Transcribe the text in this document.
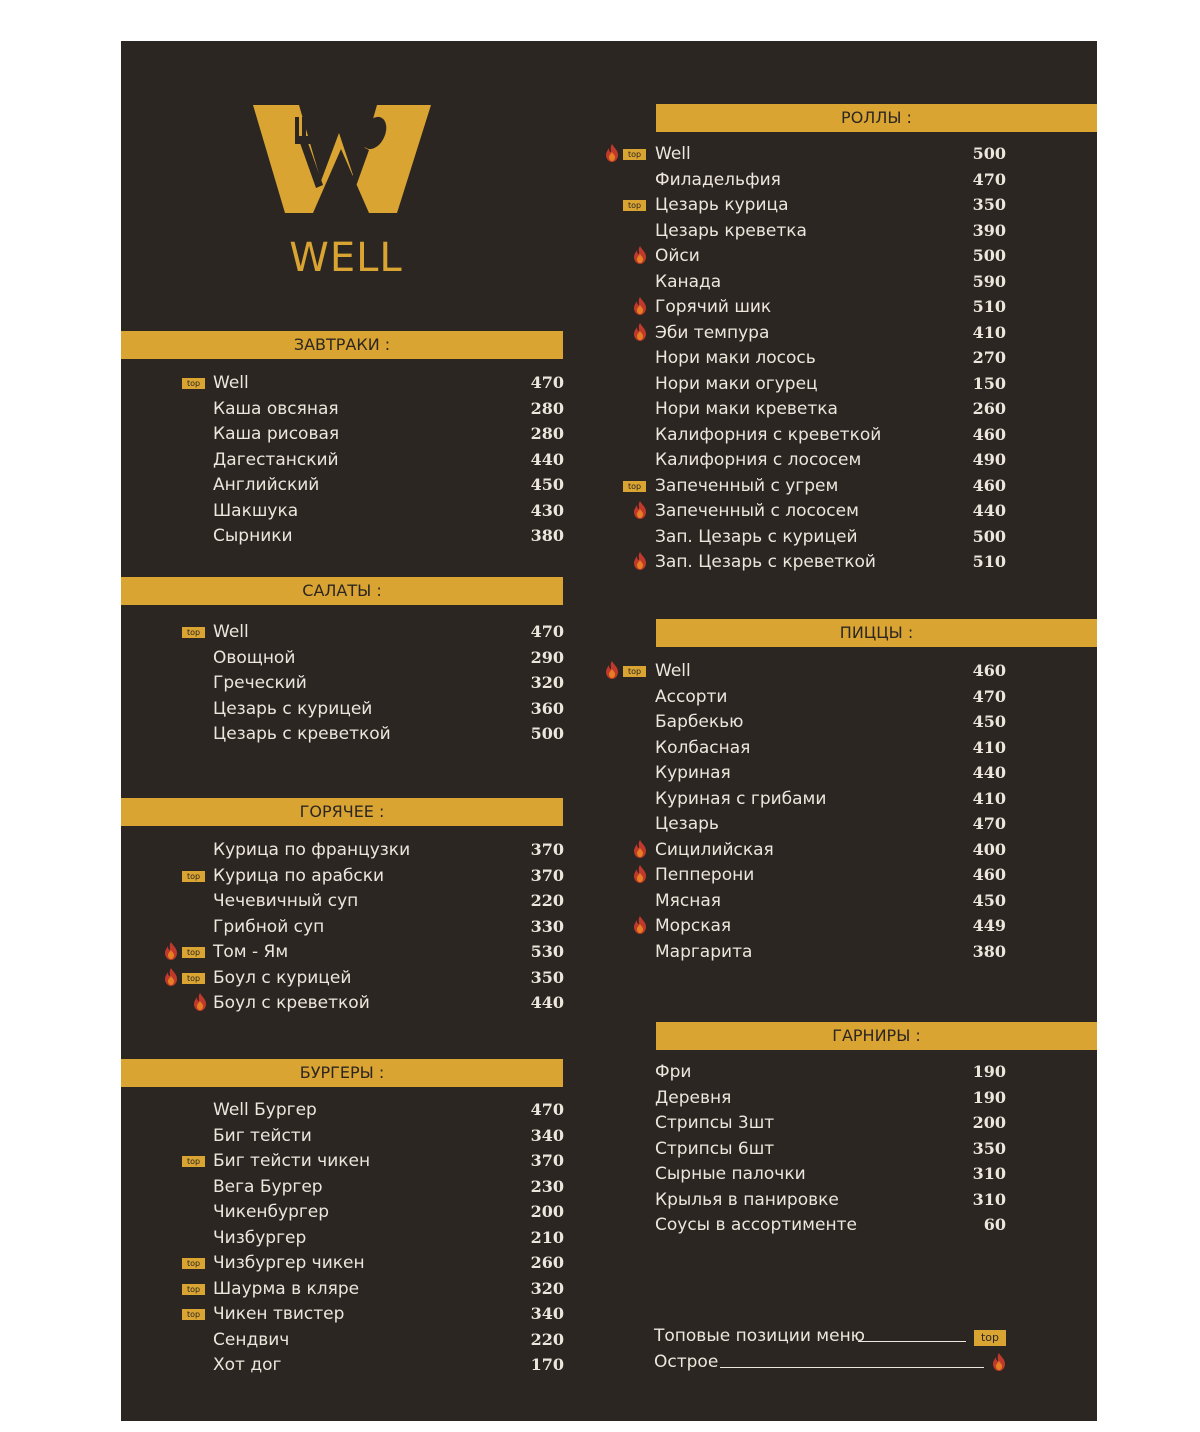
WELL
ЗАВТРАКИ :
top Well	470
Каша овсяная	280
Каша рисовая	280
Дагестанский	440
Английский	450
Шакшука	430
Сырники	380
САЛАТЫ :
top Well	470
Овощной	290
Греческий	320
Цезарь с курицей	360
Цезарь с креветкой	500
ГОРЯЧЕЕ :
Курица по французки	370
top Курица по арабски	370
Чечевичный суп	220
Грибной суп	330
top Том - Ям	530
top Боул с курицей	350
Боул с креветкой	440
БУРГЕРЫ :
Well Бургер	470
Биг тейсти	340
top Биг тейсти чикен	370
Вега Бургер	230
Чикенбургер	200
Чизбургер	210
top Чизбургер чикен	260
top Шаурма в кляре	320
top Чикен твистер	340
Сендвич	220
Хот дог	170
РОЛЛЫ :
top Well	500
Филадельфия	470
top Цезарь курица	350
Цезарь креветка	390
Ойси	500
Канада	590
Горячий шик	510
Эби темпура	410
Нори маки лосось	270
Нори маки огурец	150
Нори маки креветка	260
Калифорния с креветкой	460
Калифорния с лососем	490
top Запеченный с угрем	460
Запеченный с лососем	440
Зап. Цезарь с курицей	500
Зап. Цезарь с креветкой	510
ПИЦЦЫ :
top Well	460
Ассорти	470
Барбекью	450
Колбасная	410
Куриная	440
Куриная с грибами	410
Цезарь	470
Сицилийская	400
Пепперони	460
Мясная	450
Морская	449
Маргарита	380
ГАРНИРЫ :
Фри	190
Деревня	190
Стрипсы 3шт	200
Стрипсы 6шт	350
Сырные палочки	310
Крылья в панировке	310
Соусы в ассортименте	60
Топовые позиции меню	top
Острое
